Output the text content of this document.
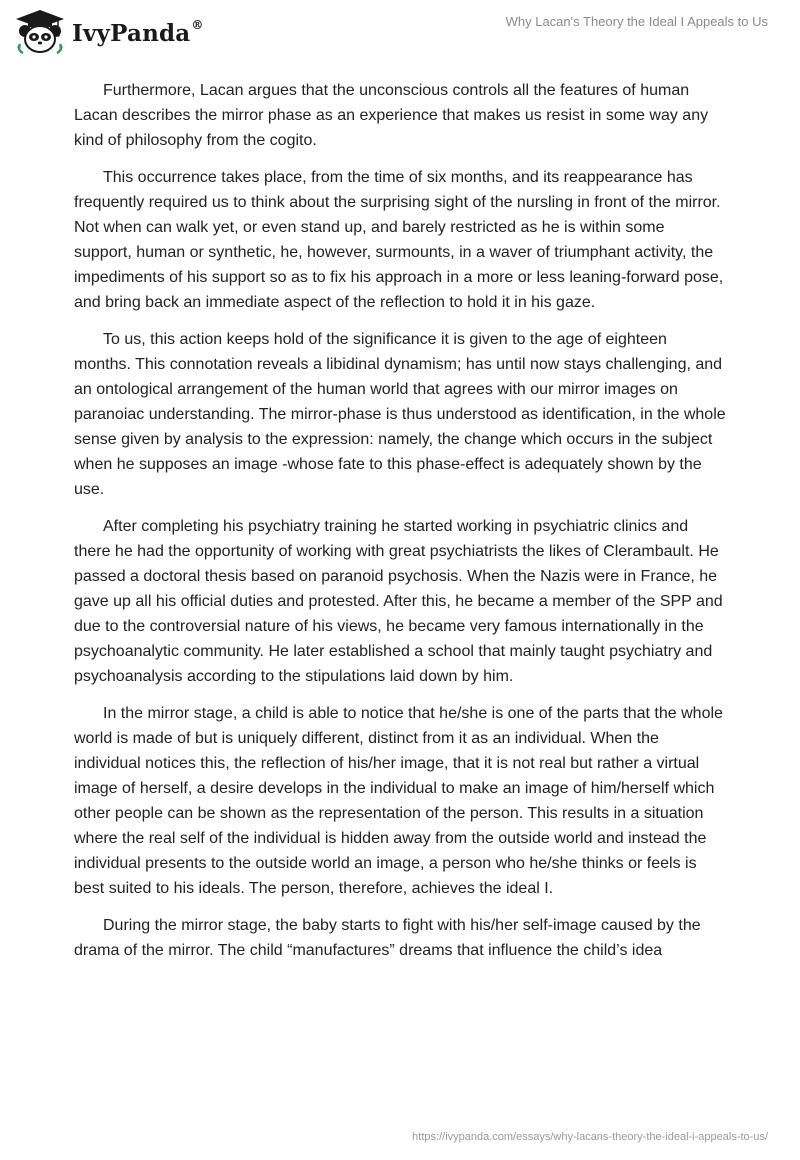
IvyPanda®	Why Lacan's Theory the Ideal I Appeals to Us

Furthermore, Lacan argues that the unconscious controls all the features of human Lacan describes the mirror phase as an experience that makes us resist in some way any kind of philosophy from the cogito.

This occurrence takes place, from the time of six months, and its reappearance has frequently required us to think about the surprising sight of the nursling in front of the mirror. Not when can walk yet, or even stand up, and barely restricted as he is within some support, human or synthetic, he, however, surmounts, in a waver of triumphant activity, the impediments of his support so as to fix his approach in a more or less leaning-forward pose, and bring back an immediate aspect of the reflection to hold it in his gaze.

To us, this action keeps hold of the significance it is given to the age of eighteen months. This connotation reveals a libidinal dynamism; has until now stays challenging, and an ontological arrangement of the human world that agrees with our mirror images on paranoiac understanding. The mirror-phase is thus understood as identification, in the whole sense given by analysis to the expression: namely, the change which occurs in the subject when he supposes an image -whose fate to this phase-effect is adequately shown by the use.

After completing his psychiatry training he started working in psychiatric clinics and there he had the opportunity of working with great psychiatrists the likes of Clerambault. He passed a doctoral thesis based on paranoid psychosis. When the Nazis were in France, he gave up all his official duties and protested. After this, he became a member of the SPP and due to the controversial nature of his views, he became very famous internationally in the psychoanalytic community. He later established a school that mainly taught psychiatry and psychoanalysis according to the stipulations laid down by him.

In the mirror stage, a child is able to notice that he/she is one of the parts that the whole world is made of but is uniquely different, distinct from it as an individual. When the individual notices this, the reflection of his/her image, that it is not real but rather a virtual image of herself, a desire develops in the individual to make an image of him/herself which other people can be shown as the representation of the person. This results in a situation where the real self of the individual is hidden away from the outside world and instead the individual presents to the outside world an image, a person who he/she thinks or feels is best suited to his ideals. The person, therefore, achieves the ideal I.

During the mirror stage, the baby starts to fight with his/her self-image caused by the drama of the mirror. The child “manufactures” dreams that influence the child’s idea

https://ivypanda.com/essays/why-lacans-theory-the-ideal-i-appeals-to-us/
